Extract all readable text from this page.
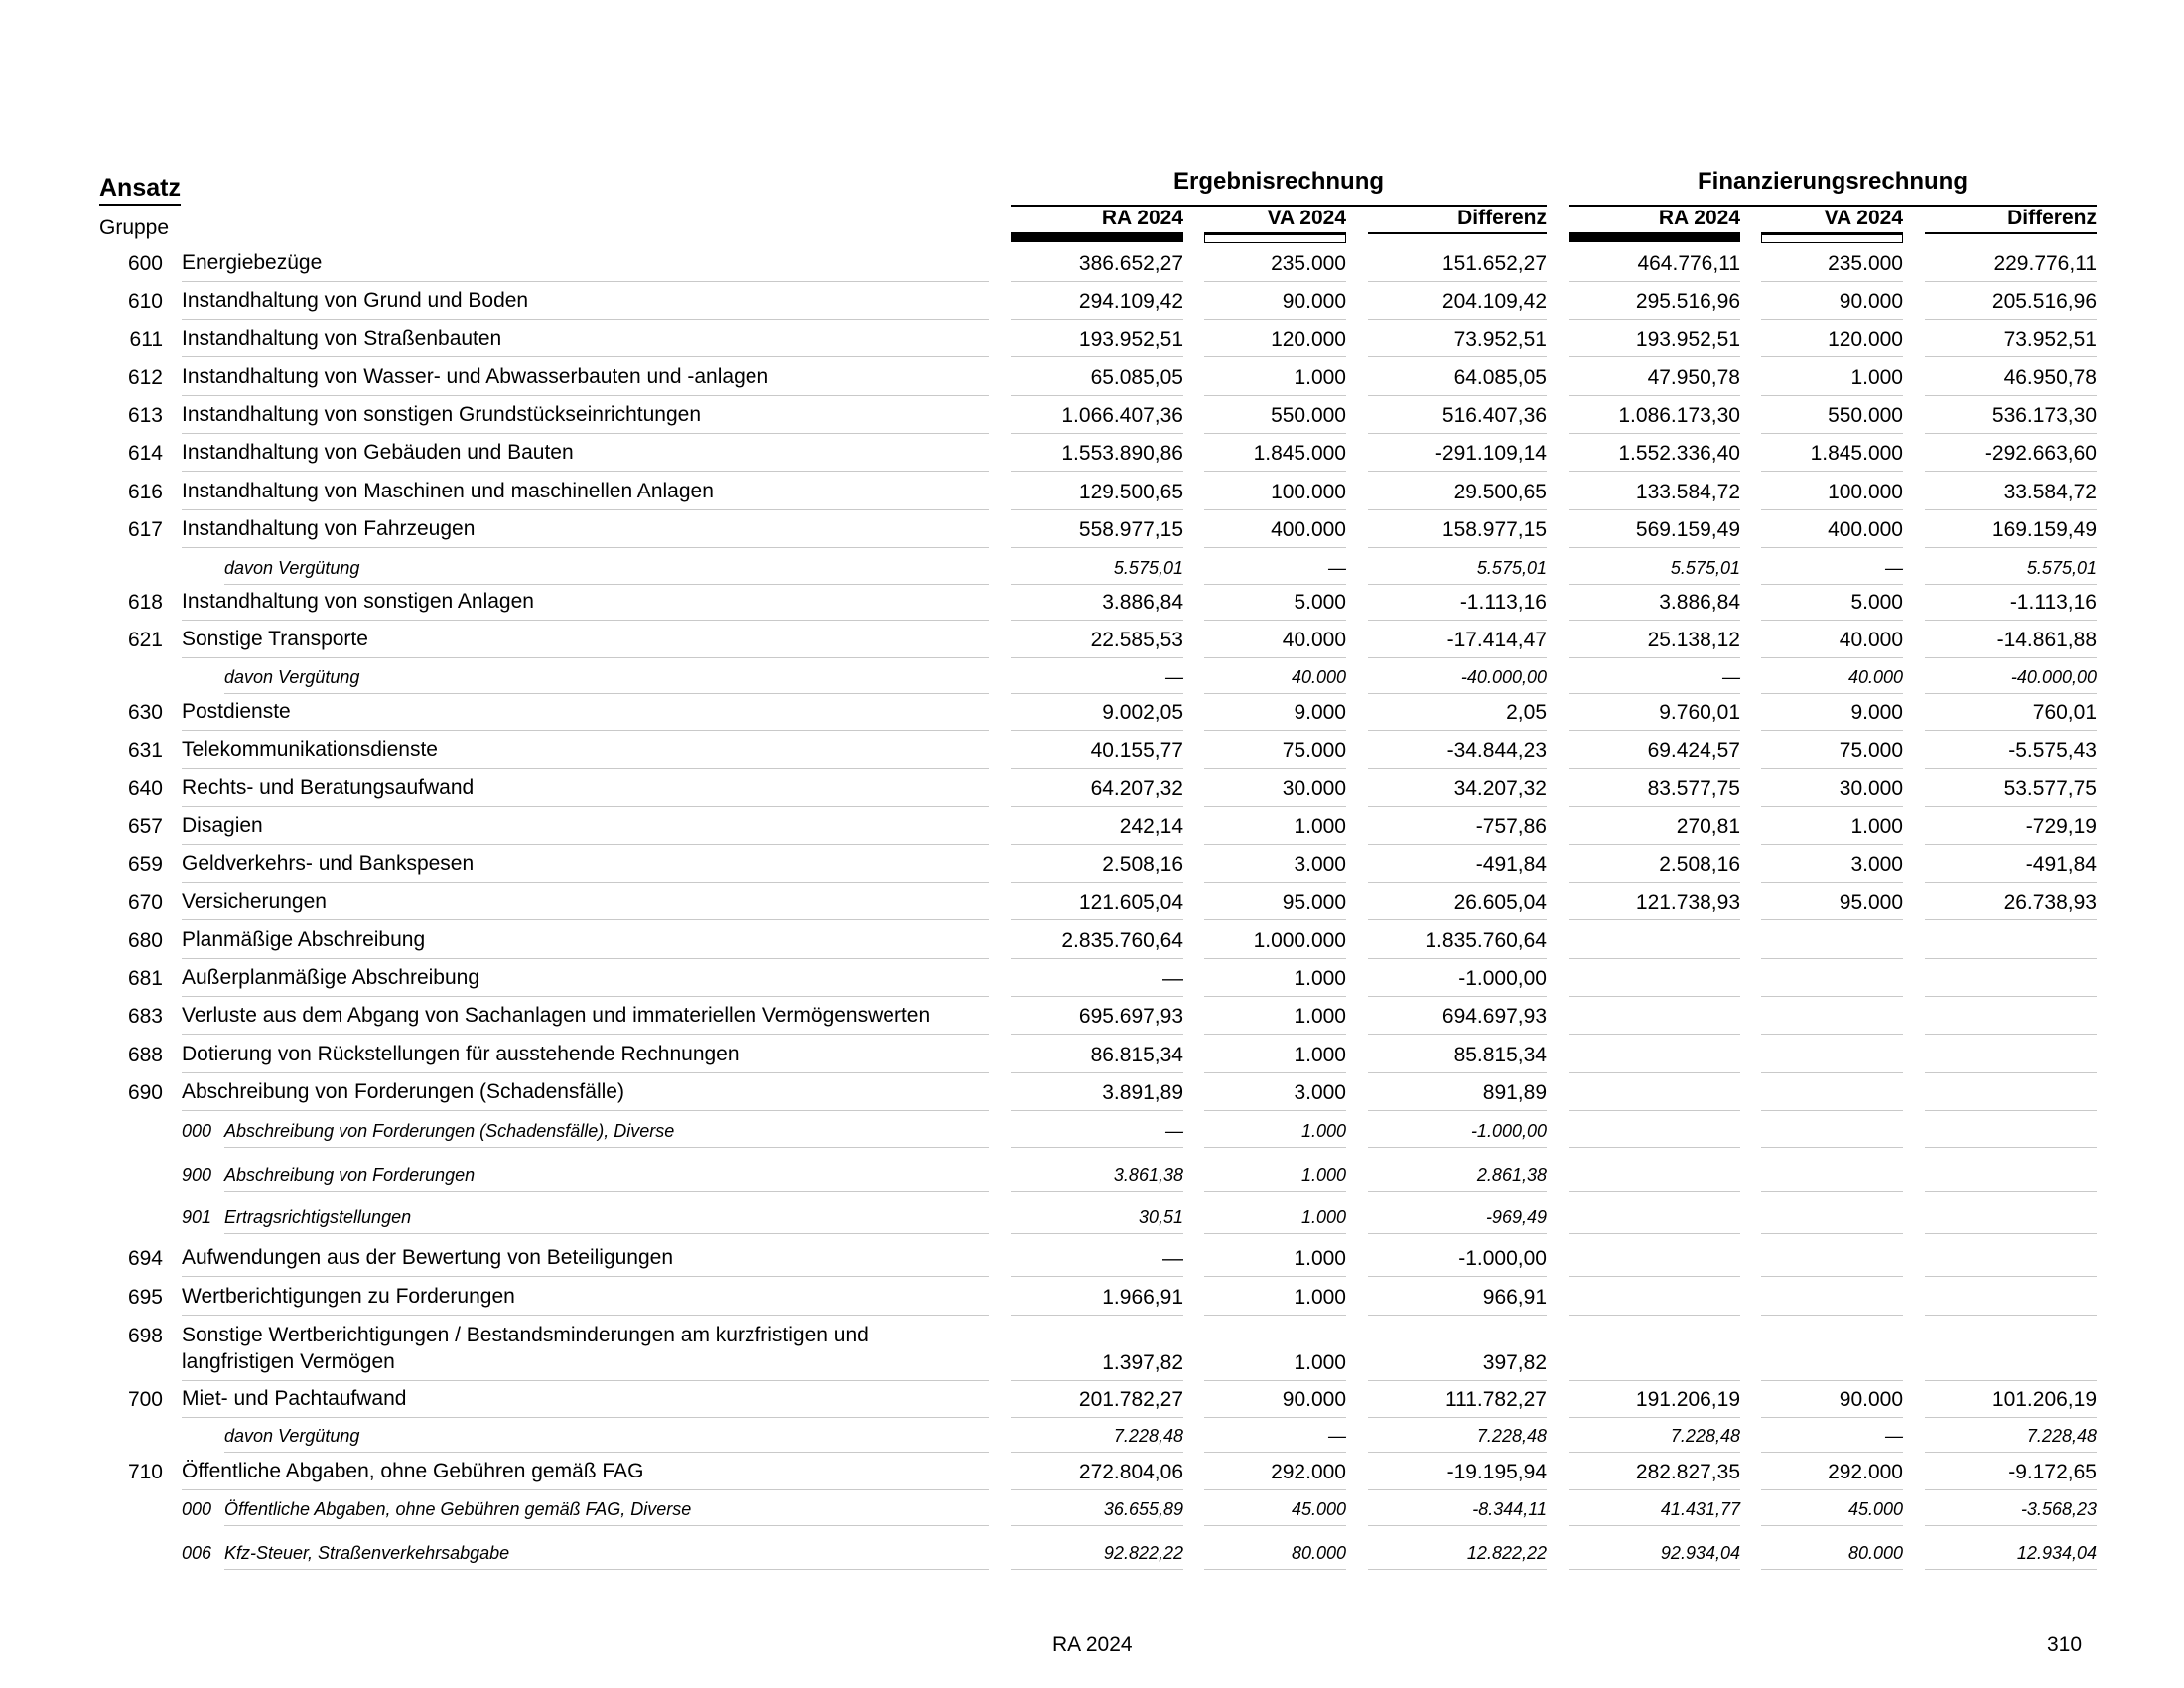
Ansatz
Gruppe
Ergebnisrechnung	Finanzierungsrechnung
RA 2024	VA 2024	Differenz	RA 2024	VA 2024	Differenz
600 Energiebezüge	386.652,27	235.000	151.652,27	464.776,11	235.000	229.776,11
610 Instandhaltung von Grund und Boden	294.109,42	90.000	204.109,42	295.516,96	90.000	205.516,96
611 Instandhaltung von Straßenbauten	193.952,51	120.000	73.952,51	193.952,51	120.000	73.952,51
612 Instandhaltung von Wasser- und Abwasserbauten und -anlagen	65.085,05	1.000	64.085,05	47.950,78	1.000	46.950,78
613 Instandhaltung von sonstigen Grundstückseinrichtungen	1.066.407,36	550.000	516.407,36	1.086.173,30	550.000	536.173,30
614 Instandhaltung von Gebäuden und Bauten	1.553.890,86	1.845.000	-291.109,14	1.552.336,40	1.845.000	-292.663,60
616 Instandhaltung von Maschinen und maschinellen Anlagen	129.500,65	100.000	29.500,65	133.584,72	100.000	33.584,72
617 Instandhaltung von Fahrzeugen	558.977,15	400.000	158.977,15	569.159,49	400.000	169.159,49
davon Vergütung	5.575,01	—	5.575,01	5.575,01	—	5.575,01
618 Instandhaltung von sonstigen Anlagen	3.886,84	5.000	-1.113,16	3.886,84	5.000	-1.113,16
621 Sonstige Transporte	22.585,53	40.000	-17.414,47	25.138,12	40.000	-14.861,88
davon Vergütung	—	40.000	-40.000,00	—	40.000	-40.000,00
630 Postdienste	9.002,05	9.000	2,05	9.760,01	9.000	760,01
631 Telekommunikationsdienste	40.155,77	75.000	-34.844,23	69.424,57	75.000	-5.575,43
640 Rechts- und Beratungsaufwand	64.207,32	30.000	34.207,32	83.577,75	30.000	53.577,75
657 Disagien	242,14	1.000	-757,86	270,81	1.000	-729,19
659 Geldverkehrs- und Bankspesen	2.508,16	3.000	-491,84	2.508,16	3.000	-491,84
670 Versicherungen	121.605,04	95.000	26.605,04	121.738,93	95.000	26.738,93
680 Planmäßige Abschreibung	2.835.760,64	1.000.000	1.835.760,64
681 Außerplanmäßige Abschreibung	—	1.000	-1.000,00
683 Verluste aus dem Abgang von Sachanlagen und immateriellen Vermögenswerten	695.697,93	1.000	694.697,93
688 Dotierung von Rückstellungen für ausstehende Rechnungen	86.815,34	1.000	85.815,34
690 Abschreibung von Forderungen (Schadensfälle)	3.891,89	3.000	891,89
000 Abschreibung von Forderungen (Schadensfälle), Diverse	—	1.000	-1.000,00
900 Abschreibung von Forderungen	3.861,38	1.000	2.861,38
901 Ertragsrichtigstellungen	30,51	1.000	-969,49
694 Aufwendungen aus der Bewertung von Beteiligungen	—	1.000	-1.000,00
695 Wertberichtigungen zu Forderungen	1.966,91	1.000	966,91
698 Sonstige Wertberichtigungen / Bestandsminderungen am kurzfristigen und
langfristigen Vermögen	1.397,82	1.000	397,82
700 Miet- und Pachtaufwand	201.782,27	90.000	111.782,27	191.206,19	90.000	101.206,19
davon Vergütung	7.228,48	—	7.228,48	7.228,48	—	7.228,48
710 Öffentliche Abgaben, ohne Gebühren gemäß FAG	272.804,06	292.000	-19.195,94	282.827,35	292.000	-9.172,65
000 Öffentliche Abgaben, ohne Gebühren gemäß FAG, Diverse	36.655,89	45.000	-8.344,11	41.431,77	45.000	-3.568,23
006 Kfz-Steuer, Straßenverkehrsabgabe	92.822,22	80.000	12.822,22	92.934,04	80.000	12.934,04
RA 2024	310
